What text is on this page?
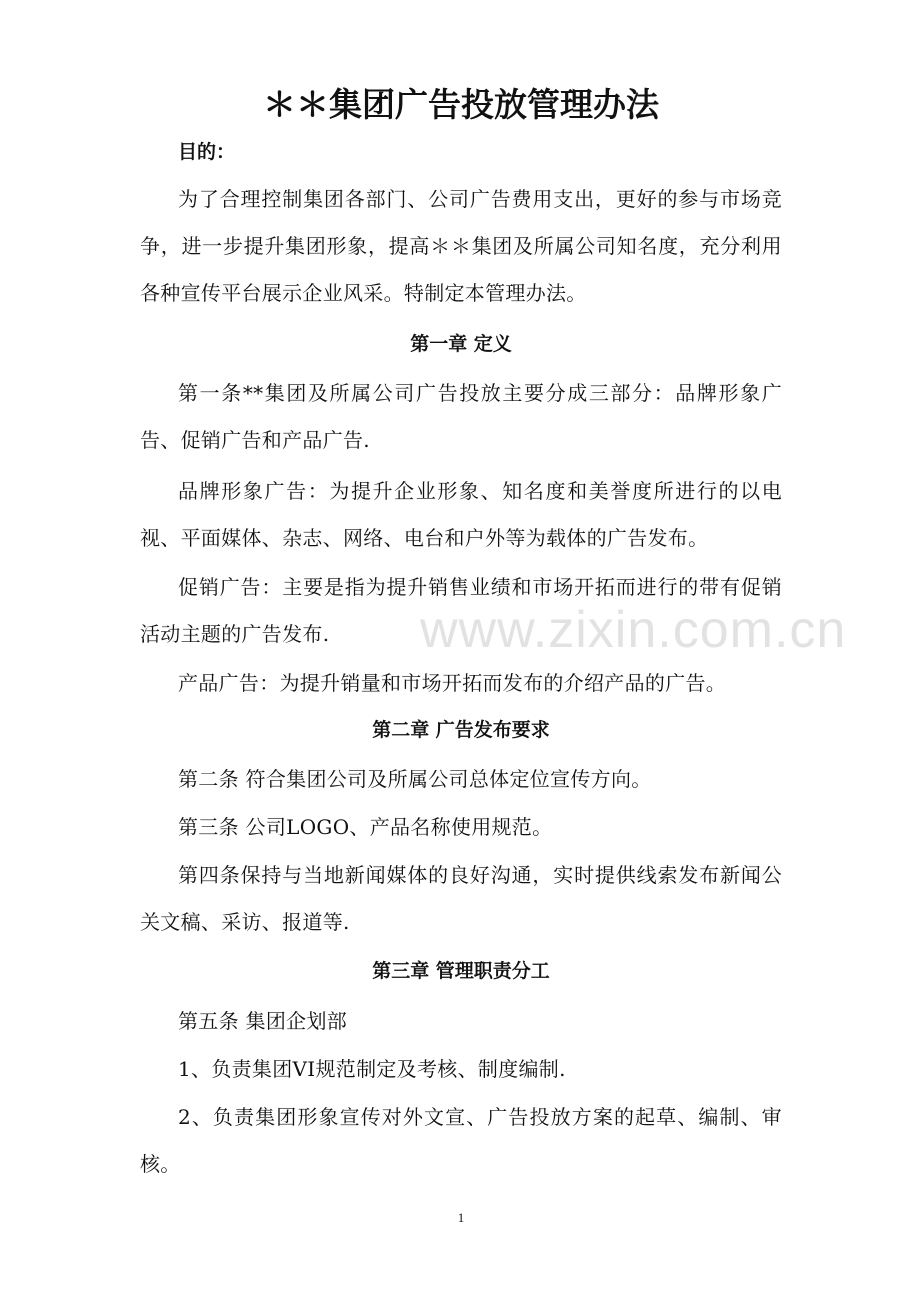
＊＊集团广告投放管理办法
目的：
为了合理控制集团各部门、公司广告费用支出，更好的参与市场竞争，进一步提升集团形象，提高＊＊集团及所属公司知名度，充分利用各种宣传平台展示企业风采。特制定本管理办法。
第一章 定义
第一条**集团及所属公司广告投放主要分成三部分：品牌形象广告、促销广告和产品广告.
品牌形象广告：为提升企业形象、知名度和美誉度所进行的以电视、平面媒体、杂志、网络、电台和户外等为载体的广告发布。
促销广告：主要是指为提升销售业绩和市场开拓而进行的带有促销活动主题的广告发布.
产品广告：为提升销量和市场开拓而发布的介绍产品的广告。
第二章 广告发布要求
第二条 符合集团公司及所属公司总体定位宣传方向。
第三条 公司LOGO、产品名称使用规范。
第四条保持与当地新闻媒体的良好沟通，实时提供线索发布新闻公关文稿、采访、报道等.
第三章 管理职责分工
第五条 集团企划部
1、负责集团VI规范制定及考核、制度编制.
2、负责集团形象宣传对外文宣、广告投放方案的起草、编制、审核。
1
www.zixin.com.cn
